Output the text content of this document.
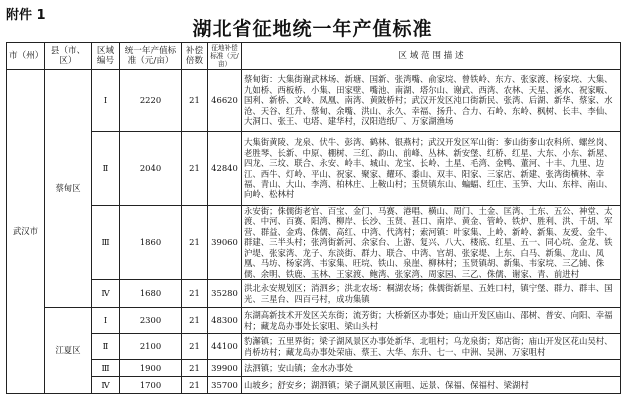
附件 1
湖北省征地统一年产值标准
市（州）	县（市、区）	区域编号	统一年产值标准（元/亩）	补偿倍数	征地补偿标准（元/亩）	区 域 范 围 描 述
武汉市	蔡甸区	Ⅰ	2220	21	46620	蔡甸街：大集街谢武林场、新塘、国新、张湾嘴、俞家垸、曾铁岭、东方、张家渡、杨家垸、大集、九如桥、西板桥、小集、田家壁、嘴池、南湖、塔尔山、谢武、西湾、农林、天星、溪水、祝家畈、国利、新桥、文岭、凤凰、南湾、黄陂桥村；武汉开发区沌口街新民、张湾、后湖、新华、蔡家、水沧、天谷、红升、蔡甸、余嘴、洪山、永久、幸福、扬升、合力、石岭、东岭、枫树、长丰、李仙、大洞口、张王、屯塔、建华村，汉阳造纸厂、万家湖渔场
		Ⅱ	2040	21	42840	大集街黄陵、龙泉、伏牛、彭湾、鹤林、银燕村；武汉开发区军山街：奓山街奓山农科所、螺丝岗、老胜琴、长新、中原、棚树、三红、韵山、前峰、丛林、新安堡、红桥、红星、大东、小东、新屋、四龙、三坟、联合、永安、岭丰、城山、龙宝、长岭、土星、毛湾、金鸭、董河、十丰、九里、边江、西牛、灯岭、平山、祝家、聚家、耀环、黍山、双丰、阳家、三家店、新建、张湾街横林、幸福、青山、大山、李湾、柏林庄、上鞍山村；玉贤镇东山、蝙蝠、红庄、玉笋、大山、东梓、南山、向岭、松林村
		Ⅲ	1860	21	39060	永安街；侏儒街老官、百宝、金门、马赛、港唱、横山、周门、土金、匡湾、土东、五公、神堂、太渡、中河、百赛、阳湾、柳岸、长沙、玉贤、甚口、南岸、黄金、管岭、铁炉、胜利、洪、千胡、军营、群益、金鸡、侏儒、高红、中湾、代湾村；索河镇：叶家集、上岭、新岭、新集、友爱、金牛、群建、三半头村；张湾街新河、余家台、上游、复兴、八大、楼底、红星、五一、同心垸、金龙、铁沪堤、张家湾、龙子、东淡街、群力、联合、中湾、官胡、张家堤、上东、白马、新集、龙山、凤凰、马坊、杨家湾、韦家集、旺垸、铁山、泉崖、柳林村；玉贤镇胡、新集、韦家垸、三乙铺、侏儒、余明、铁鹿、玉林、王家渡、鲍湾、张家湾、周家园、三乙、侏儒、谢家、青、前进村
		Ⅳ	1680	21	35280	洪北永安规划区；消泗乡；洪北农场：桐湖农场；侏儒街新星、五姓口村，镇宁堡、群力、群丰、国光、三星台、四百弓村，成功集镇
	江夏区	Ⅰ	2300	21	48300	东湖高新技术开发区关东街；流芳街；大桥新区办事处；庙山开发区庙山、邵树、普安、向阳、幸福村；藏龙岛办事处长家咀、梁山头村
		Ⅱ	2100	21	44100	豹澥镇；五里界街；梁子湖风景区办事处新华、北咀村；乌龙泉街；郑店街；庙山开发区花山吴村、肖桥坊村；藏龙岛办事处荣庙、蔡王、大华、东升、七一、中洲、吴洲、万家咀村
		Ⅲ	1900	21	39900	法泗镇；安山镇；金水办事处
		Ⅳ	1700	21	35700	山坡乡；舒安乡；湖泗镇；梁子湖风景区南咀、远景、保福、保福村、梁湖村
